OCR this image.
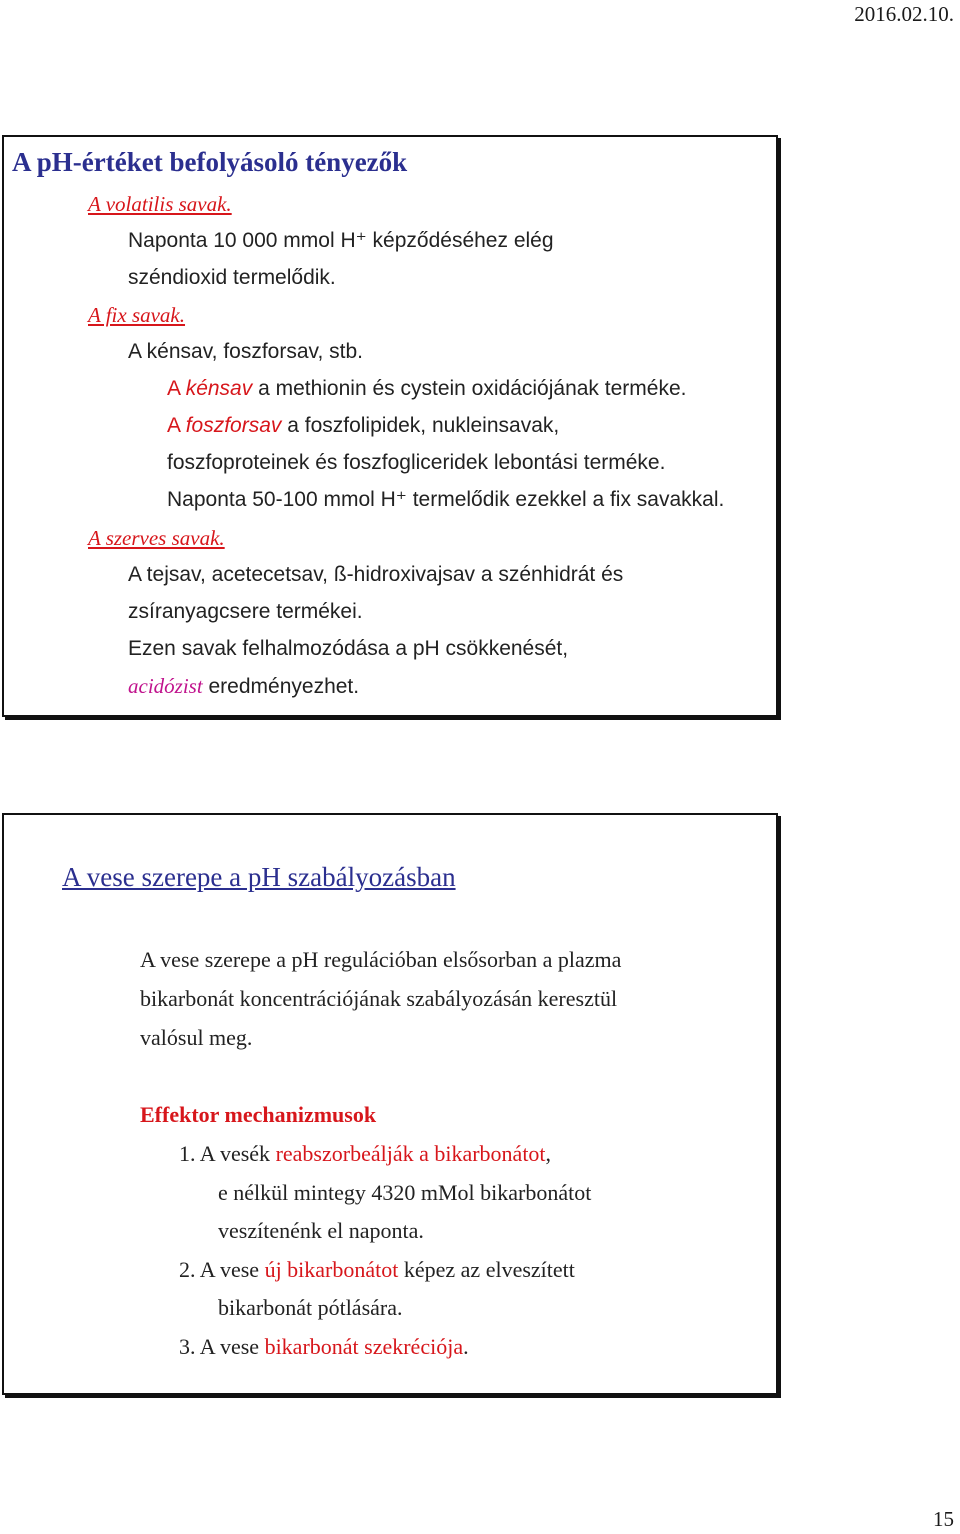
2016.02.10.
A pH-értéket befolyásoló tényezők
A volatilis savak.
Naponta 10 000 mmol H⁺ képződéséhez elég
széndioxid termelődik.
A fix savak.
A kénsav, foszforsav, stb.
A kénsav a methionin és cystein oxidációjának terméke.
A foszforsav a foszfolipidek, nukleinsavak,
foszfoproteinek és foszfogliceridek lebontási terméke.
Naponta 50-100 mmol H⁺ termelődik ezekkel a fix savakkal.
A szerves savak.
A tejsav, acetecetsav, ß-hidroxivajsav a szénhidrát és
zsíranyagcsere termékei.
Ezen savak felhalmozódása a pH csökkenését,
acidózist eredményezhet.
A vese szerepe a pH szabályozásban
A vese szerepe a pH regulációban elsősorban a plazma
bikarbonát koncentrációjának szabályozásán keresztül
valósul meg.
Effektor mechanizmusok
1. A vesék reabszorbeálják a bikarbonátot,
e nélkül mintegy 4320 mMol bikarbonátot
veszítenénk el naponta.
2. A vese új bikarbonátot képez az elveszített
bikarbonát pótlására.
3. A vese bikarbonát szekréciója.
15
